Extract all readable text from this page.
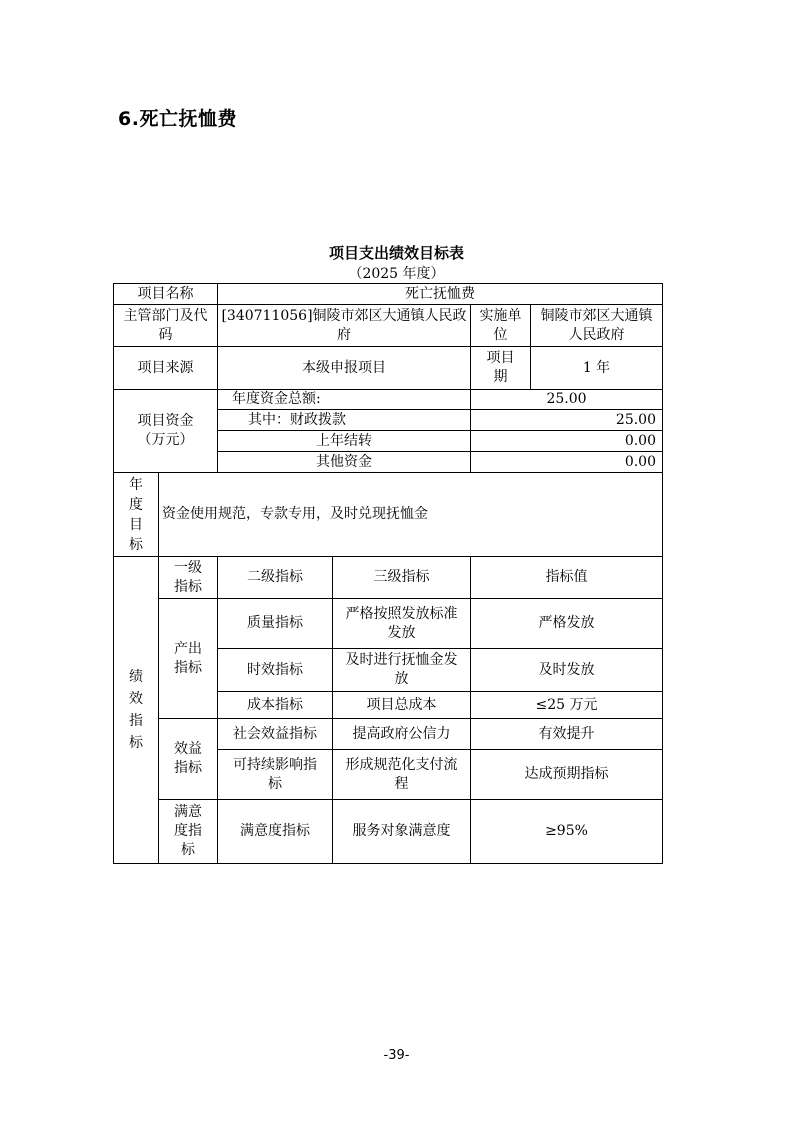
6.死亡抚恤费
项目支出绩效目标表
（2025 年度）
项目名称		死亡抚恤费			
主管部门及代码		[340711056]铜陵市郊区大通镇人民政府		实施单位	铜陵市郊区大通镇人民政府
项目来源		本级申报项目		项目期	1 年
项目资金（万元）		年度资金总额:		25.00	
		其中：财政拨款		25.00	
		上年结转		0.00	
		其他资金		0.00	
年度目标	资金使用规范，专款专用，及时兑现抚恤金				
绩效指标	一级指标	二级指标	三级指标	指标值	
	产出指标	质量指标	严格按照发放标准发放	严格发放	
		时效指标	及时进行抚恤金发放	及时发放	
		成本指标	项目总成本	≤25 万元	
	效益指标	社会效益指标	提高政府公信力	有效提升	
		可持续影响指标	形成规范化支付流程	达成预期指标	
	满意度指标	满意度指标	服务对象满意度	≥95%	
-39-
